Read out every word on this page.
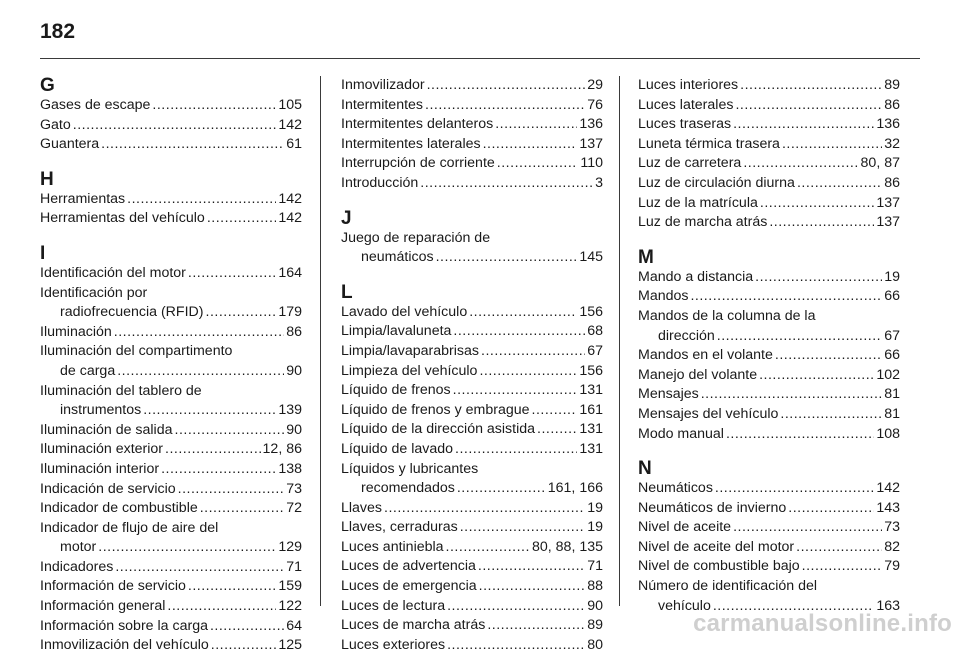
182
G
Gases de escape .....	105
Gato .....	142
Guantera .....	61
H
Herramientas .....	142
Herramientas del vehículo .....	142
I
Identificación del motor .....	164
Identificación por
radiofrecuencia (RFID) .....	179
Iluminación .....	86
Iluminación del compartimento
de carga .....	90
Iluminación del tablero de
instrumentos .....	139
Iluminación de salida .....	90
Iluminación exterior .....	12, 86
Iluminación interior .....	138
Indicación de servicio .....	73
Indicador de combustible .....	72
Indicador de flujo de aire del
motor .....	129
Indicadores .....	71
Información de servicio .....	159
Información general .....	122
Información sobre la carga .....	64
Inmovilización del vehículo .....	125
Inmovilizador .....	29
Intermitentes .....	76
Intermitentes delanteros .....	136
Intermitentes laterales .....	137
Interrupción de corriente .....	110
Introducción .....	3
J
Juego de reparación de
neumáticos .....	145
L
Lavado del vehículo .....	156
Limpia/lavaluneta .....	68
Limpia/lavaparabrisas .....	67
Limpieza del vehículo .....	156
Líquido de frenos .....	131
Líquido de frenos y embrague .....	161
Líquido de la dirección asistida .....	131
Líquido de lavado .....	131
Líquidos y lubricantes
recomendados .....	161, 166
Llaves .....	19
Llaves, cerraduras .....	19
Luces antiniebla .....	80, 88, 135
Luces de advertencia .....	71
Luces de emergencia .....	88
Luces de lectura .....	90
Luces de marcha atrás .....	89
Luces exteriores .....	80
Luces interiores .....	89
Luces laterales .....	86
Luces traseras .....	136
Luneta térmica trasera .....	32
Luz de carretera .....	80, 87
Luz de circulación diurna .....	86
Luz de la matrícula .....	137
Luz de marcha atrás .....	137
M
Mando a distancia .....	19
Mandos .....	66
Mandos de la columna de la
dirección .....	67
Mandos en el volante .....	66
Manejo del volante .....	102
Mensajes .....	81
Mensajes del vehículo .....	81
Modo manual .....	108
N
Neumáticos .....	142
Neumáticos de invierno .....	143
Nivel de aceite .....	73
Nivel de aceite del motor .....	82
Nivel de combustible bajo .....	79
Número de identificación del
vehículo .....	163
carmanualsonline.info
